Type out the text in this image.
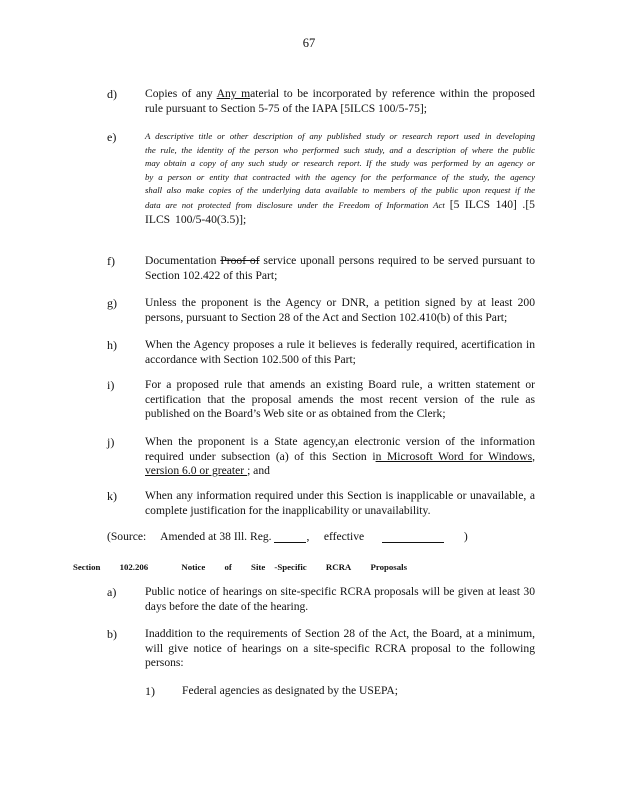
67
d) Copies of any Any material to be incorporated by reference within the proposed rule pursuant to Section 5-75 of the IAPA [5ILCS 100/5-75];
e)	A descriptive title or other description of any published study or research report used in developing the rule, the identity of the person who performed such study, and a description of where the public may obtain a copy of any such study or research report. If the study was performed by an agency or by a person or entity that contracted with the agency for the performance of the study, the agency shall also make copies of the underlying data available to members of the public upon request if the data are not protected from disclosure under the Freedom of Information Act [5 ILCS 140] .[5 ILCS 100/5-40(3.5)];
f)	Documentation Proof of service uponall persons required to be served pursuant to Section 102.422 of this Part;
g) Unless the proponent is the Agency or DNR, a petition signed by at least 200 persons, pursuant to Section 28 of the Act and Section 102.410(b) of this Part;
h) When the Agency proposes a rule it believes is federally required, acertification in accordance with Section 102.500 of this Part;
i)	For a proposed rule that amends an existing Board rule, a written statement or certification that the proposal amends the most recent version of the rule as published on the Board’s Web site or as obtained from the Clerk;
j)	When the proponent is a State agency,an electronic version of the information required under subsection (a) of this Section in Microsoft Word for Windows, version 6.0 or greater ; and
k) When any information required under this Section is inapplicable or unavailable, a complete justification for the inapplicability or unavailability.
(Source: Amended at 38 Ill. Reg.	, effective	)
Section 102.206	Notice of Site -Specific RCRA Proposals
a) Public notice of hearings on site-specific RCRA proposals will be given at least 30 days before the date of the hearing.
b) Inaddition to the requirements of Section 28 of the Act, the Board, at a minimum, will give notice of hearings on a site-specific RCRA proposal to the following persons:
1) Federal agencies as designated by the USEPA;
